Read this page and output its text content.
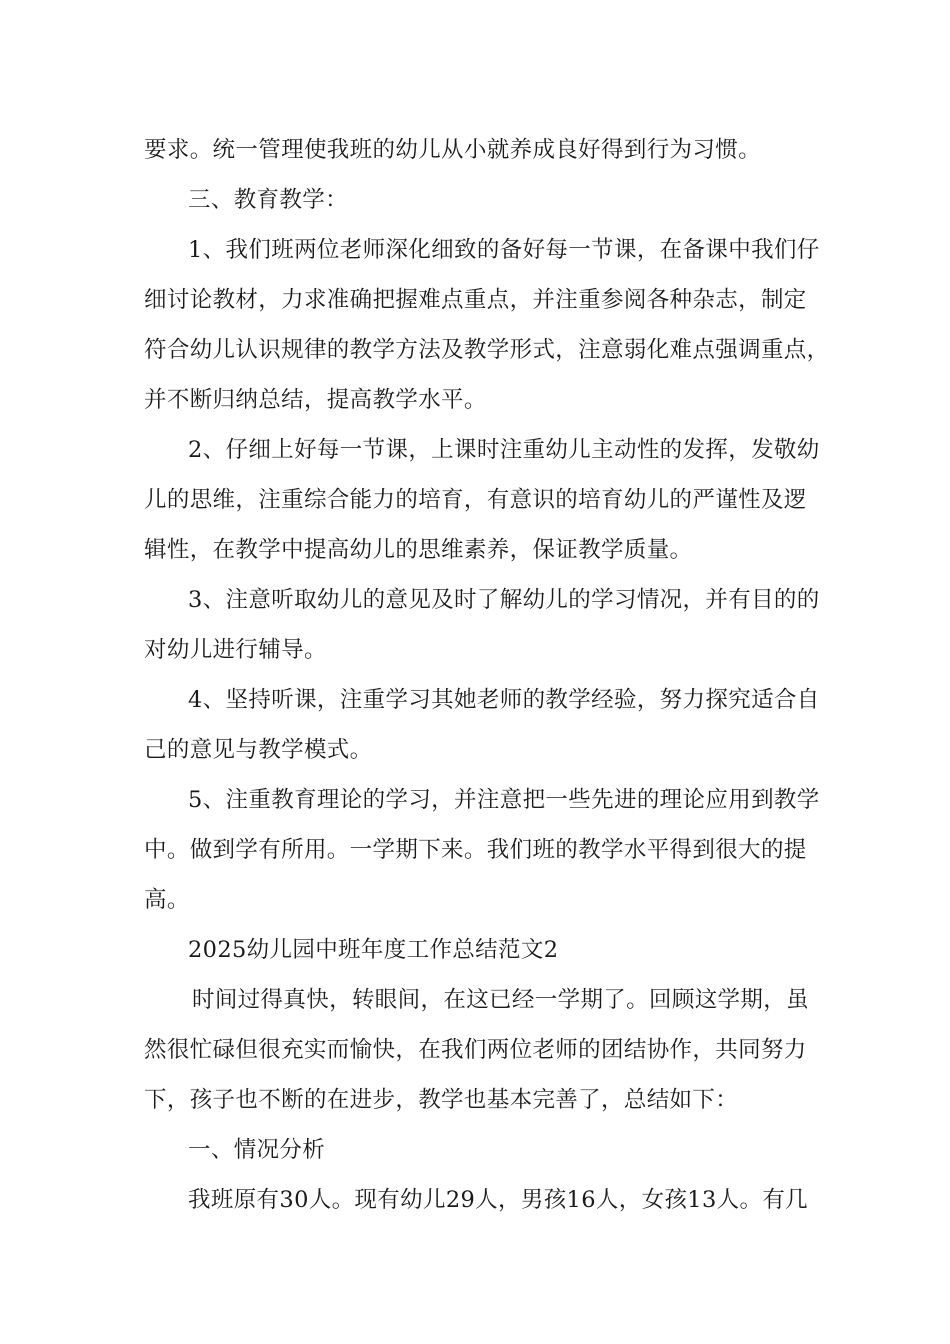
要求。统一管理使我班的幼儿从小就养成良好得到行为习惯。
三、教育教学：
1、我们班两位老师深化细致的备好每一节课，在备课中我们仔
细讨论教材，力求准确把握难点重点，并注重参阅各种杂志，制定
符合幼儿认识规律的教学方法及教学形式，注意弱化难点强调重点，
并不断归纳总结，提高教学水平。
2、仔细上好每一节课，上课时注重幼儿主动性的发挥，发敬幼
儿的思维，注重综合能力的培育，有意识的培育幼儿的严谨性及逻
辑性，在教学中提高幼儿的思维素养，保证教学质量。
3、注意听取幼儿的意见及时了解幼儿的学习情况，并有目的的
对幼儿进行辅导。
4、坚持听课，注重学习其她老师的教学经验，努力探究适合自
己的意见与教学模式。
5、注重教育理论的学习，并注意把一些先进的理论应用到教学
中。做到学有所用。一学期下来。我们班的教学水平得到很大的提
高。
2025幼儿园中班年度工作总结范文2
时间过得真快，转眼间，在这已经一学期了。回顾这学期，虽
然很忙碌但很充实而愉快，在我们两位老师的团结协作，共同努力
下，孩子也不断的在进步，教学也基本完善了，总结如下：
一、情况分析
我班原有30人。现有幼儿29人，男孩16人，女孩13人。有几
